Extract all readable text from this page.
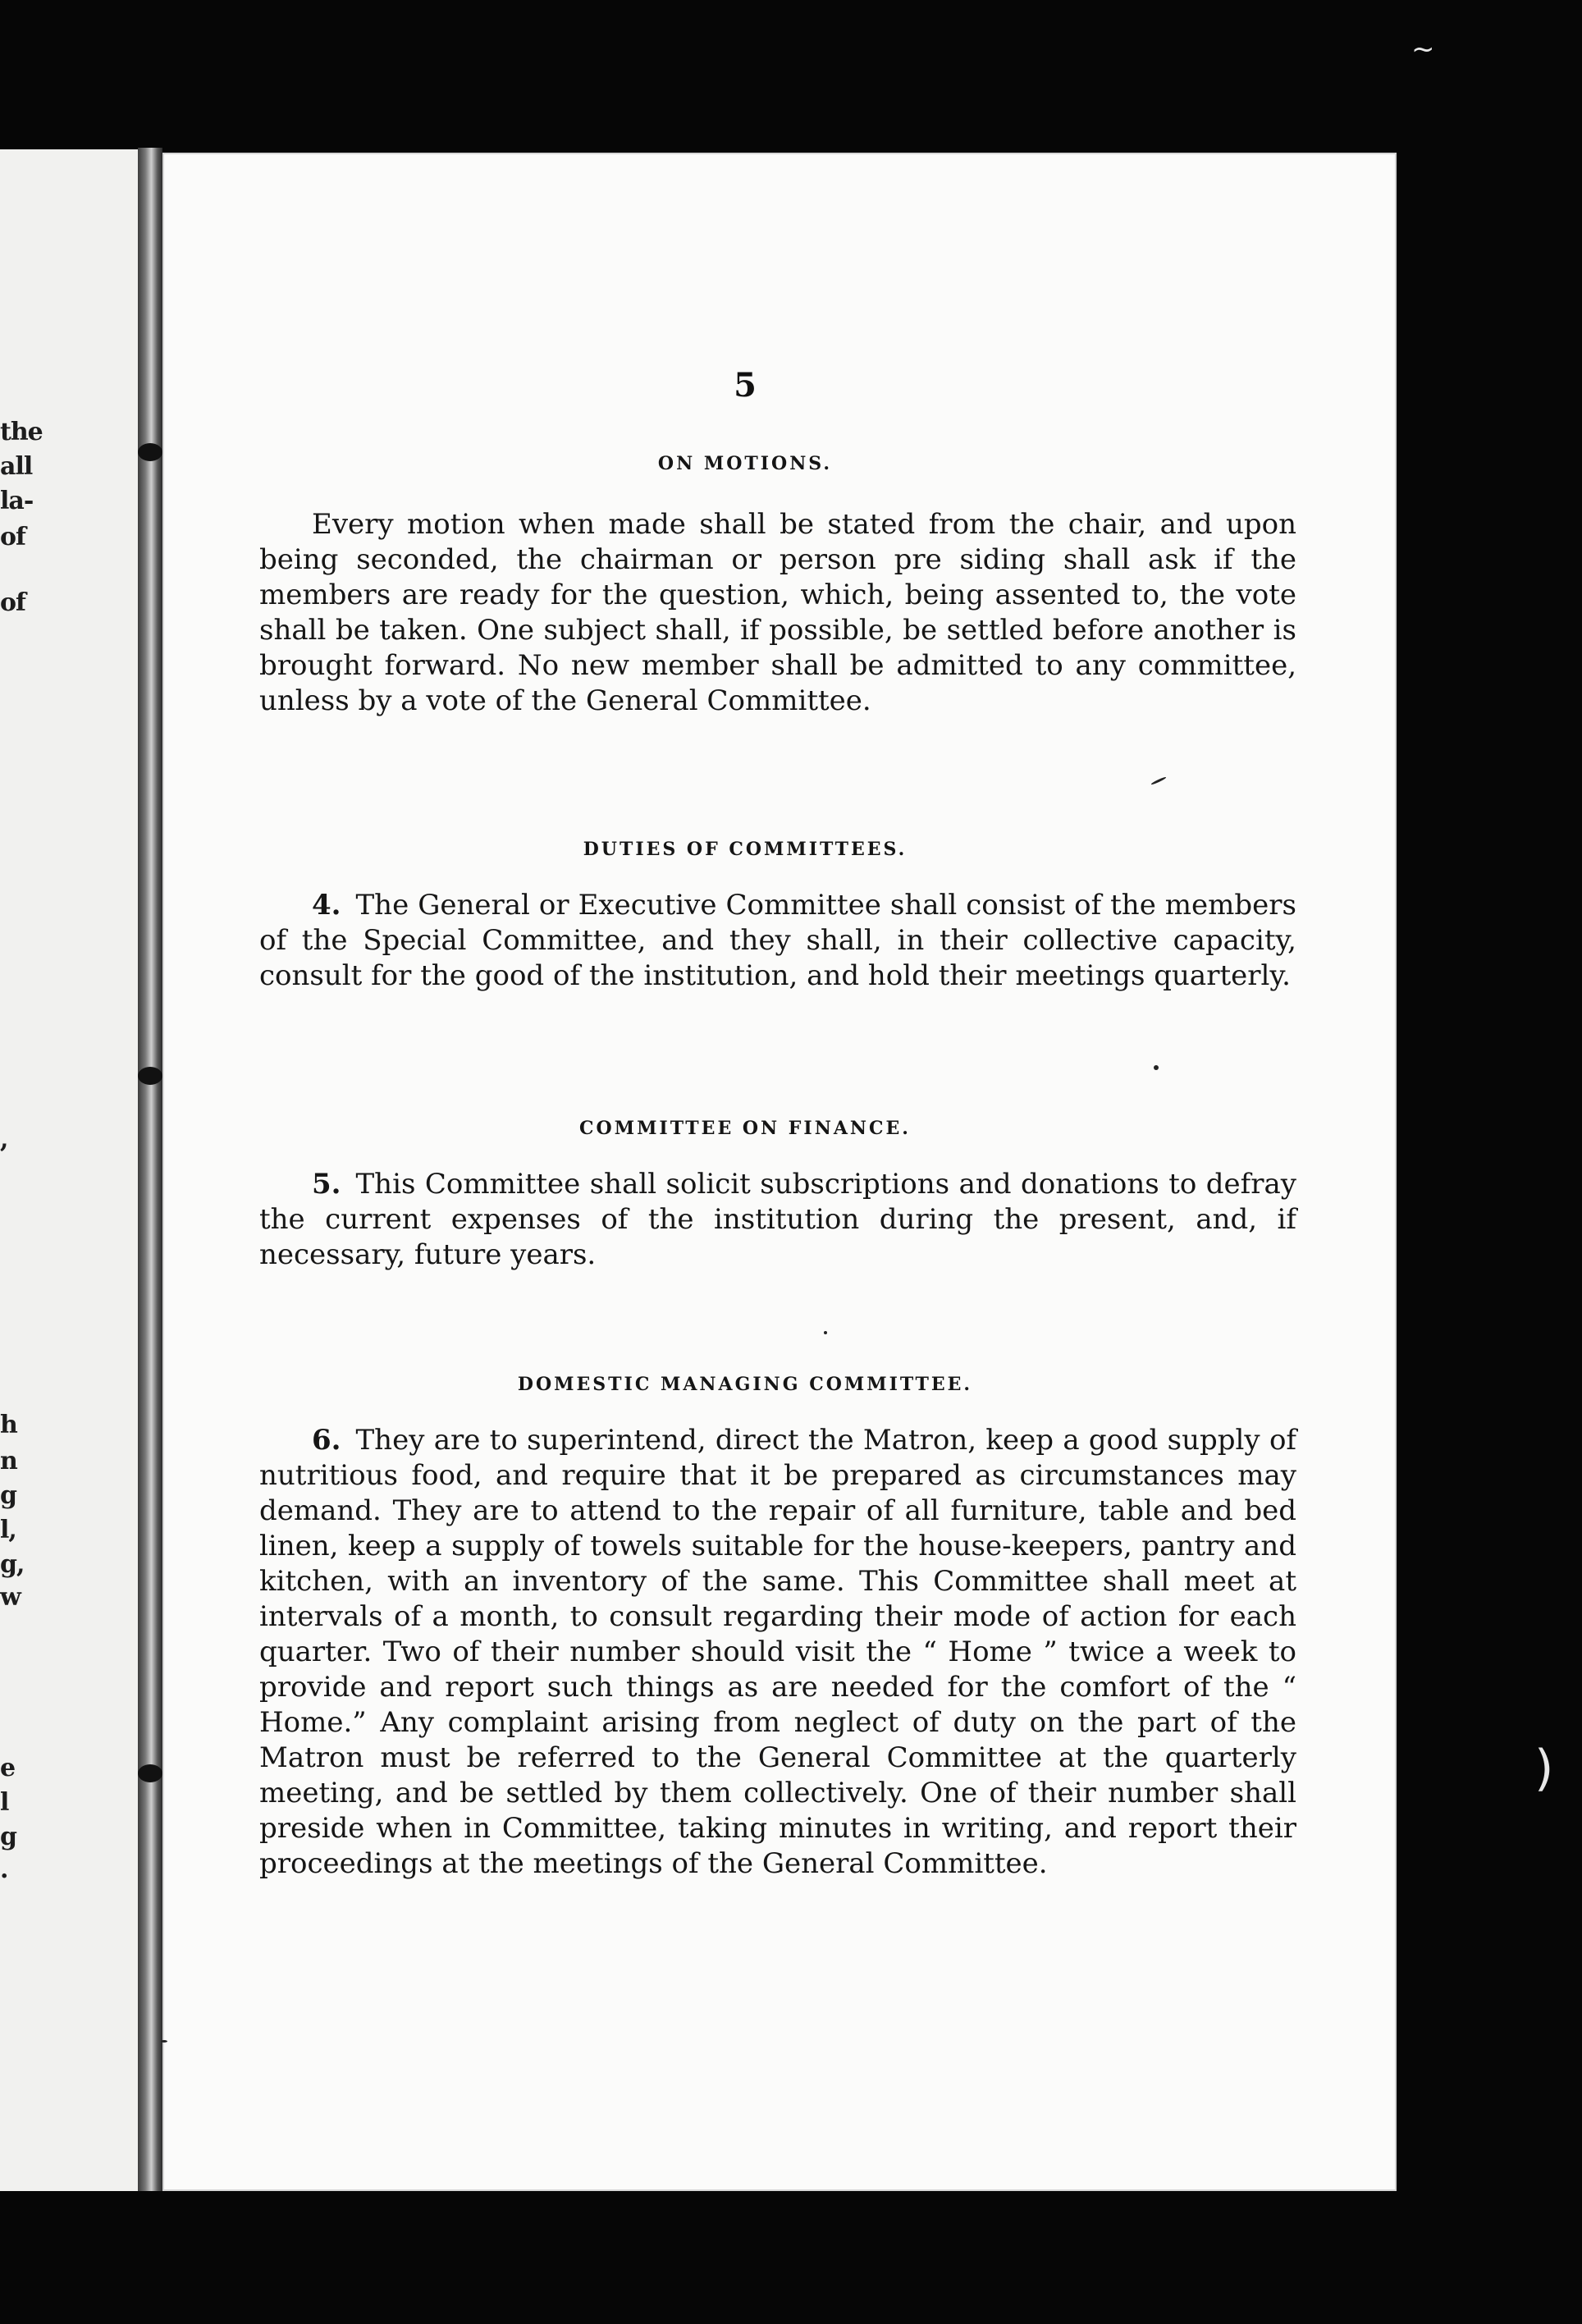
the
all
la-
of
of
,
h
n
g
l,
g,
w
e
l
g
.
5
ON MOTIONS.

Every motion when made shall be stated from the chair, and upon being seconded, the chairman or person pre siding shall ask if the members are ready for the question, which, being assented to, the vote shall be taken. One subject shall, if possible, be settled before another is brought forward. No new member shall be admitted to any committee, unless by a vote of the General Committee.

DUTIES OF COMMITTEES.

4. The General or Executive Committee shall consist of the members of the Special Committee, and they shall, in their collective capacity, consult for the good of the institution, and hold their meetings quarterly.

COMMITTEE ON FINANCE.

5. This Committee shall solicit subscriptions and donations to defray the current expenses of the institution during the present, and, if necessary, future years.

DOMESTIC MANAGING COMMITTEE.

6. They are to superintend, direct the Matron, keep a good supply of nutritious food, and require that it be prepared as circumstances may demand. They are to attend to the repair of all furniture, table and bed linen, keep a supply of towels suitable for the house-keepers, pantry and kitchen, with an inventory of the same. This Committee shall meet at intervals of a month, to consult regarding their mode of action for each quarter. Two of their number should visit the “ Home ” twice a week to provide and report such things as are needed for the comfort of the “ Home.” Any complaint arising from neglect of duty on the part of the Matron must be referred to the General Committee at the quarterly meeting, and be settled by them collectively. One of their number shall preside when in Committee, taking minutes in writing, and report their proceedings at the meetings of the General Committee.

~
)
